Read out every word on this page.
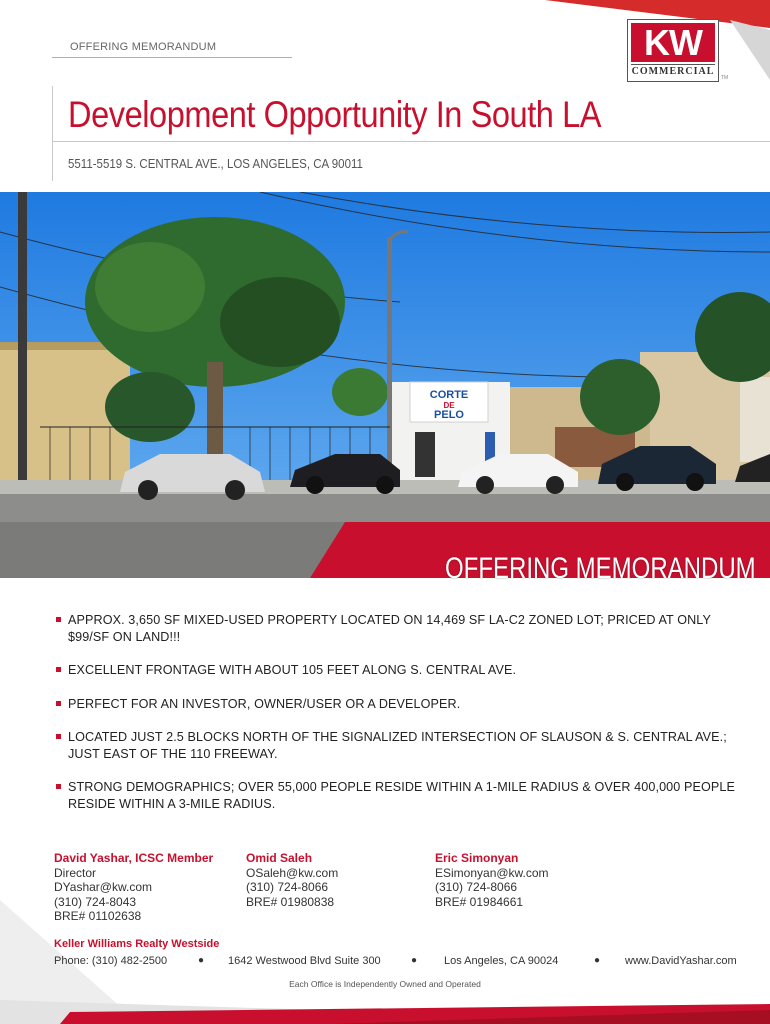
OFFERING MEMORANDUM
Development Opportunity In South LA
5511-5519 S. CENTRAL AVE., LOS ANGELES, CA 90011
KW
COMMERCIAL
TM
CORTE
DE
PELO
OFFERING MEMORANDUM
APPROX. 3,650 SF MIXED-USED PROPERTY LOCATED ON 14,469 SF LA-C2 ZONED LOT; PRICED AT ONLY $99/SF ON LAND!!!
EXCELLENT FRONTAGE WITH ABOUT 105 FEET ALONG S. CENTRAL AVE.
PERFECT FOR AN INVESTOR, OWNER/USER OR A DEVELOPER.
LOCATED JUST 2.5 BLOCKS NORTH OF THE SIGNALIZED INTERSECTION OF SLAUSON & S. CENTRAL AVE.; JUST EAST OF THE 110 FREEWAY.
STRONG DEMOGRAPHICS; OVER 55,000 PEOPLE RESIDE WITHIN A 1-MILE RADIUS & OVER 400,000 PEOPLE RESIDE WITHIN A 3-MILE RADIUS.
David Yashar, ICSC Member
Director
DYashar@kw.com
(310) 724-8043
BRE# 01102638
Omid Saleh
OSaleh@kw.com
(310) 724-8066
BRE# 01980838
Eric Simonyan
ESimonyan@kw.com
(310) 724-8066
BRE# 01984661
Keller Williams Realty Westside
Phone: (310) 482-2500	● 1642 Westwood Blvd Suite 300	● Los Angeles, CA 90024	● www.DavidYashar.com
Each Office is Independently Owned and Operated
